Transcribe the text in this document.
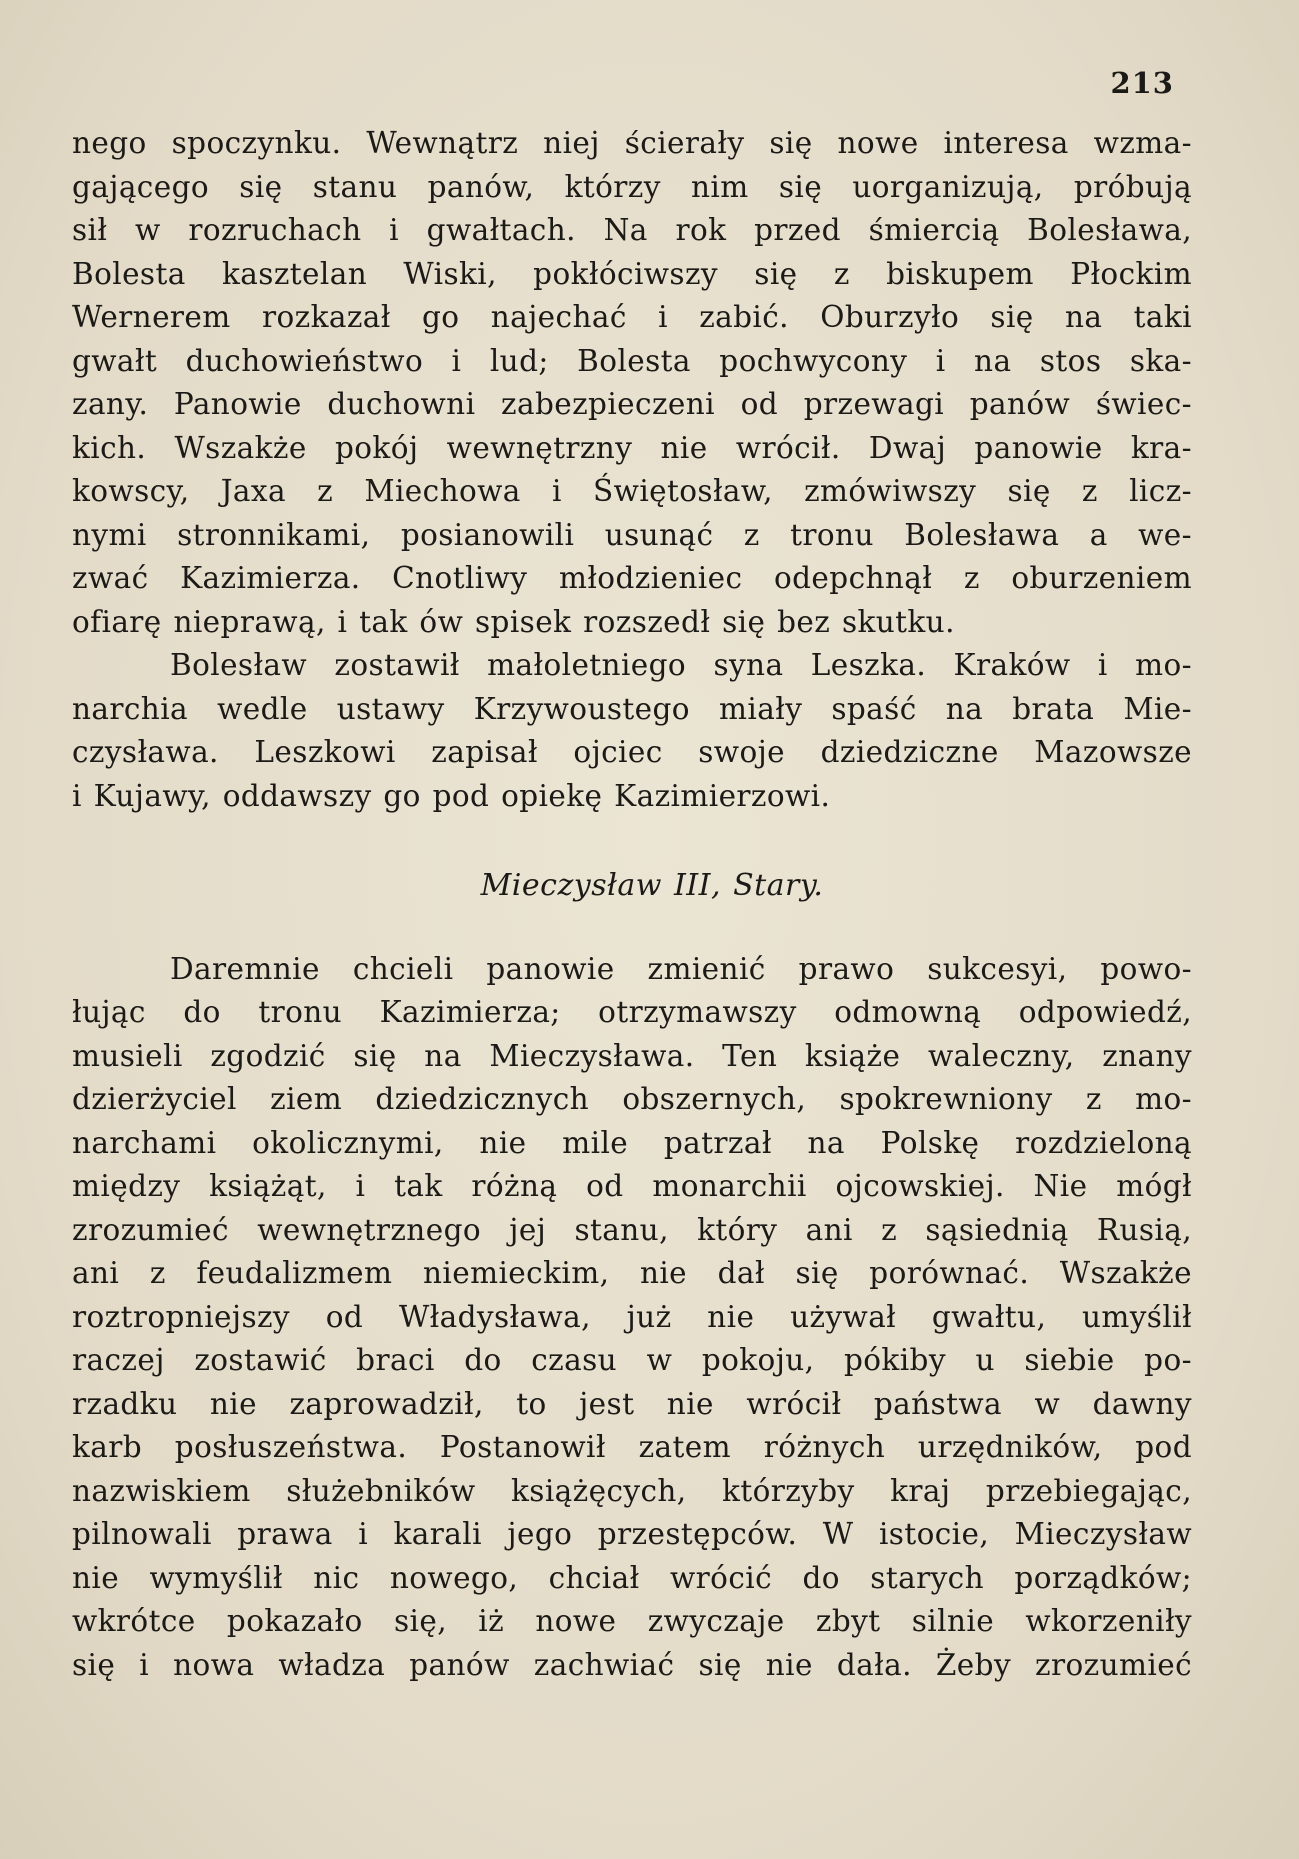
213
nego spoczynku. Wewnątrz niej ścierały się nowe interesa wzma-
gającego się stanu panów, którzy nim się uorganizują, próbują
sił w rozruchach i gwałtach. Na rok przed śmiercią Bolesława,
Bolesta kasztelan Wiski, pokłóciwszy się z biskupem Płockim
Wernerem rozkazał go najechać i zabić. Oburzyło się na taki
gwałt duchowieństwo i lud; Bolesta pochwycony i na stos ska-
zany. Panowie duchowni zabezpieczeni od przewagi panów świec-
kich. Wszakże pokój wewnętrzny nie wrócił. Dwaj panowie kra-
kowscy, Jaxa z Miechowa i Świętosław, zmówiwszy się z licz-
nymi stronnikami, posianowili usunąć z tronu Bolesława a we-
zwać Kazimierza. Cnotliwy młodzieniec odepchnął z oburzeniem
ofiarę nieprawą, i tak ów spisek rozszedł się bez skutku.
Bolesław zostawił małoletniego syna Leszka. Kraków i mo-
narchia wedle ustawy Krzywoustego miały spaść na brata Mie-
czysława. Leszkowi zapisał ojciec swoje dziedziczne Mazowsze
i Kujawy, oddawszy go pod opiekę Kazimierzowi.
Mieczysław III, Stary.
Daremnie chcieli panowie zmienić prawo sukcesyi, powo-
łując do tronu Kazimierza; otrzymawszy odmowną odpowiedź,
musieli zgodzić się na Mieczysława. Ten książe waleczny, znany
dzierżyciel ziem dziedzicznych obszernych, spokrewniony z mo-
narchami okolicznymi, nie mile patrzał na Polskę rozdzieloną
między książąt, i tak różną od monarchii ojcowskiej. Nie mógł
zrozumieć wewnętrznego jej stanu, który ani z sąsiednią Rusią,
ani z feudalizmem niemieckim, nie dał się porównać. Wszakże
roztropniejszy od Władysława, już nie używał gwałtu, umyślił
raczej zostawić braci do czasu w pokoju, pókiby u siebie po-
rzadku nie zaprowadził, to jest nie wrócił państwa w dawny
karb posłuszeństwa. Postanowił zatem różnych urzędników, pod
nazwiskiem służebników książęcych, którzyby kraj przebiegając,
pilnowali prawa i karali jego przestępców. W istocie, Mieczysław
nie wymyślił nic nowego, chciał wrócić do starych porządków;
wkrótce pokazało się, iż nowe zwyczaje zbyt silnie wkorzeniły
się i nowa władza panów zachwiać się nie dała. Żeby zrozumieć
